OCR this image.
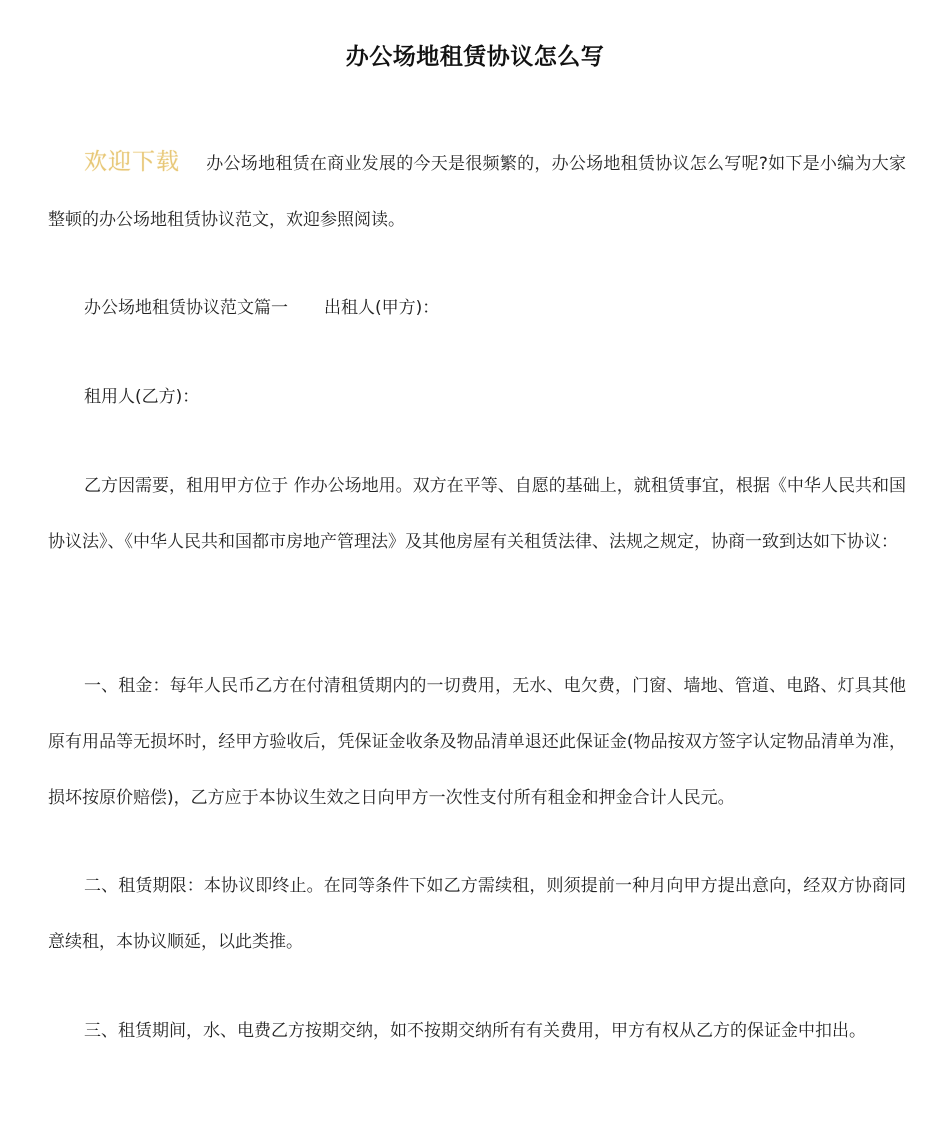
办公场地租赁协议怎么写

欢迎下载 办公场地租赁在商业发展的今天是很频繁的，办公场地租赁协议怎么写呢?如下是小编为大家整顿的办公场地租赁协议范文，欢迎参照阅读。

办公场地租赁协议范文篇一 出租人(甲方)：

租用人(乙方)：

乙方因需要，租用甲方位于 作办公场地用。双方在平等、自愿的基础上，就租赁事宜，根据《中华人民共和国协议法》、《中华人民共和国都市房地产管理法》及其他房屋有关租赁法律、法规之规定，协商一致到达如下协议：

一、租金：每年人民币乙方在付清租赁期内的一切费用，无水、电欠费，门窗、墙地、管道、电路、灯具其他原有用品等无损坏时，经甲方验收后，凭保证金收条及物品清单退还此保证金(物品按双方签字认定物品清单为准，损坏按原价赔偿)，乙方应于本协议生效之日向甲方一次性支付所有租金和押金合计人民元。

二、租赁期限：本协议即终止。在同等条件下如乙方需续租，则须提前一种月向甲方提出意向，经双方协商同意续租，本协议顺延，以此类推。

三、租赁期间，水、电费乙方按期交纳，如不按期交纳所有有关费用，甲方有权从乙方的保证金中扣出。
